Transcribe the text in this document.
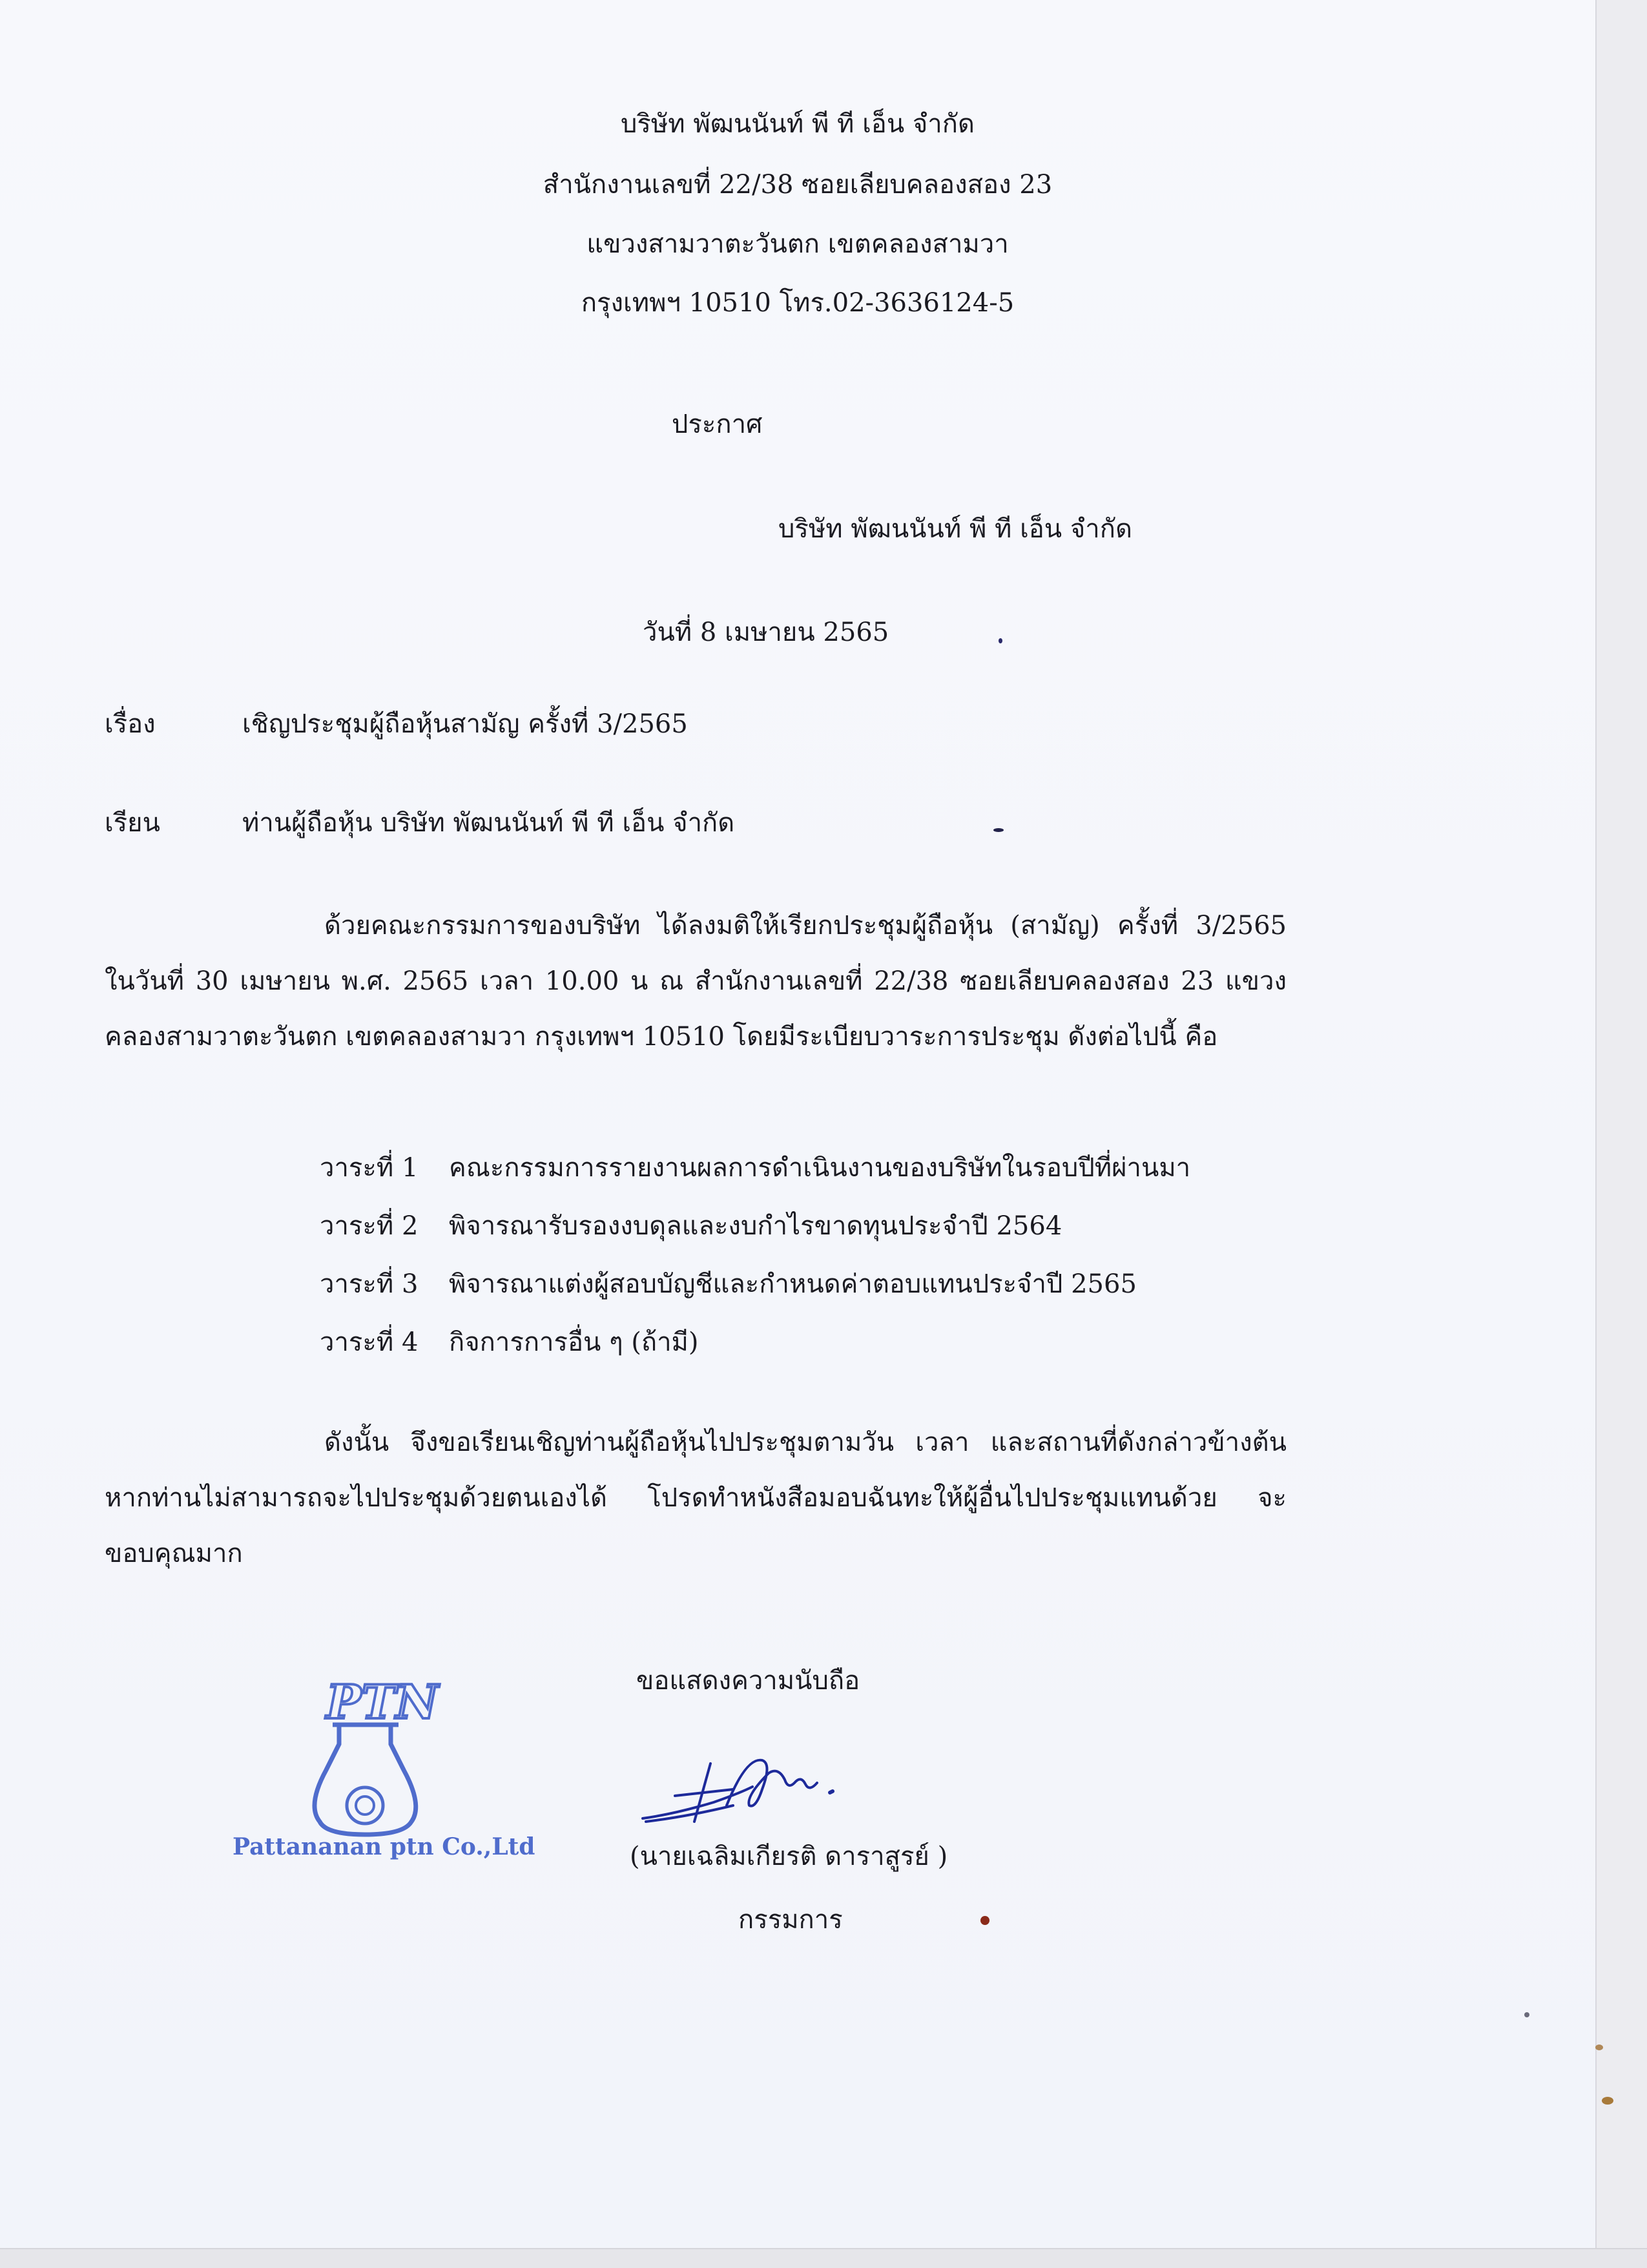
บริษัท พัฒนนันท์ พี ที เอ็น จำกัด
สำนักงานเลขที่ 22/38 ซอยเลียบคลองสอง 23
แขวงสามวาตะวันตก เขตคลองสามวา
กรุงเทพฯ 10510 โทร.02-3636124-5
ประกาศ
บริษัท พัฒนนันท์ พี ที เอ็น จำกัด
วันที่ 8 เมษายน 2565
เรื่อง	เชิญประชุมผู้ถือหุ้นสามัญ ครั้งที่ 3/2565
เรียน	ท่านผู้ถือหุ้น บริษัท พัฒนนันท์ พี ที เอ็น จำกัด

ด้วยคณะกรรมการของบริษัท ได้ลงมติให้เรียกประชุมผู้ถือหุ้น (สามัญ) ครั้งที่ 3/2565 ในวันที่ 30 เมษายน พ.ศ. 2565 เวลา 10.00 น ณ สำนักงานเลขที่ 22/38 ซอยเลียบคลองสอง 23 แขวงคลองสามวาตะวันตก เขตคลองสามวา กรุงเทพฯ 10510 โดยมีระเบียบวาระการประชุม ดังต่อไปนี้ คือ

วาระที่ 1 คณะกรรมการรายงานผลการดำเนินงานของบริษัทในรอบปีที่ผ่านมา
วาระที่ 2 พิจารณารับรองงบดุลและงบกำไรขาดทุนประจำปี 2564
วาระที่ 3 พิจารณาแต่งผู้สอบบัญชีและกำหนดค่าตอบแทนประจำปี 2565
วาระที่ 4 กิจการการอื่น ๆ (ถ้ามี)

ดังนั้น จึงขอเรียนเชิญท่านผู้ถือหุ้นไปประชุมตามวัน เวลา และสถานที่ดังกล่าวข้างต้น หากท่านไม่สามารถจะไปประชุมด้วยตนเองได้ โปรดทำหนังสือมอบฉันทะให้ผู้อื่นไปประชุมแทนด้วย จะขอบคุณมาก

ขอแสดงความนับถือ
PTN
Pattananan ptn Co.,Ltd	(นายเฉลิมเกียรติ ดาราสูรย์ )
กรรมการ
